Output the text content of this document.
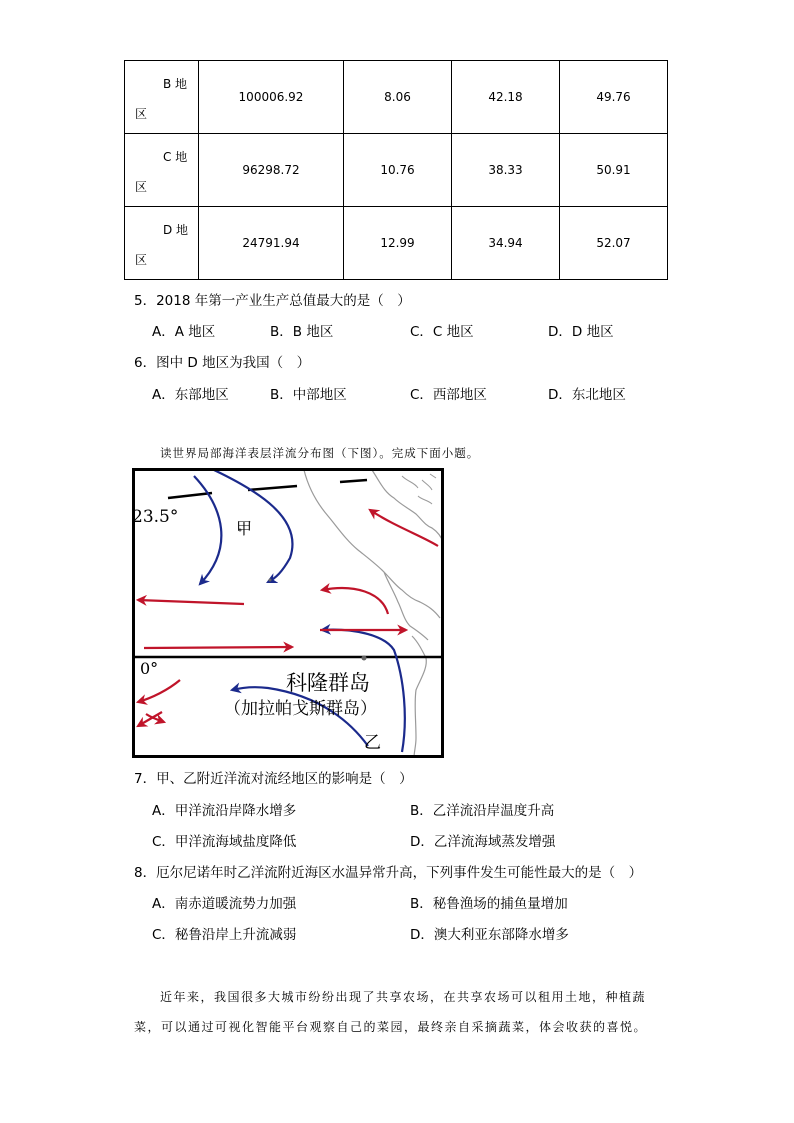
B 地
区	100006.92	8.06	42.18	49.76

C 地
区	96298.72	10.76	38.33	50.91

D 地
区	24791.94	12.99	34.94	52.07
5．2018 年第一产业生产总值最大的是（　）
A．A 地区	B．B 地区	C．C 地区	D．D 地区
6．图中 D 地区为我国（　）
A．东部地区	B．中部地区	C．西部地区	D．东北地区
读世界局部海洋表层洋流分布图（下图）。完成下面小题。
23.5°
0°
甲
乙
科隆群岛
（加拉帕戈斯群岛）
7．甲、乙附近洋流对流经地区的影响是（　）
A．甲洋流沿岸降水增多	B．乙洋流沿岸温度升高
C．甲洋流海域盐度降低	D．乙洋流海域蒸发增强
8．厄尔尼诺年时乙洋流附近海区水温异常升高，下列事件发生可能性最大的是（　）
A．南赤道暖流势力加强	B．秘鲁渔场的捕鱼量增加
C．秘鲁沿岸上升流减弱	D．澳大利亚东部降水增多
近年来，我国很多大城市纷纷出现了共享农场，在共享农场可以租用土地，种植蔬
菜，可以通过可视化智能平台观察自己的菜园，最终亲自采摘蔬菜，体会收获的喜悦。
